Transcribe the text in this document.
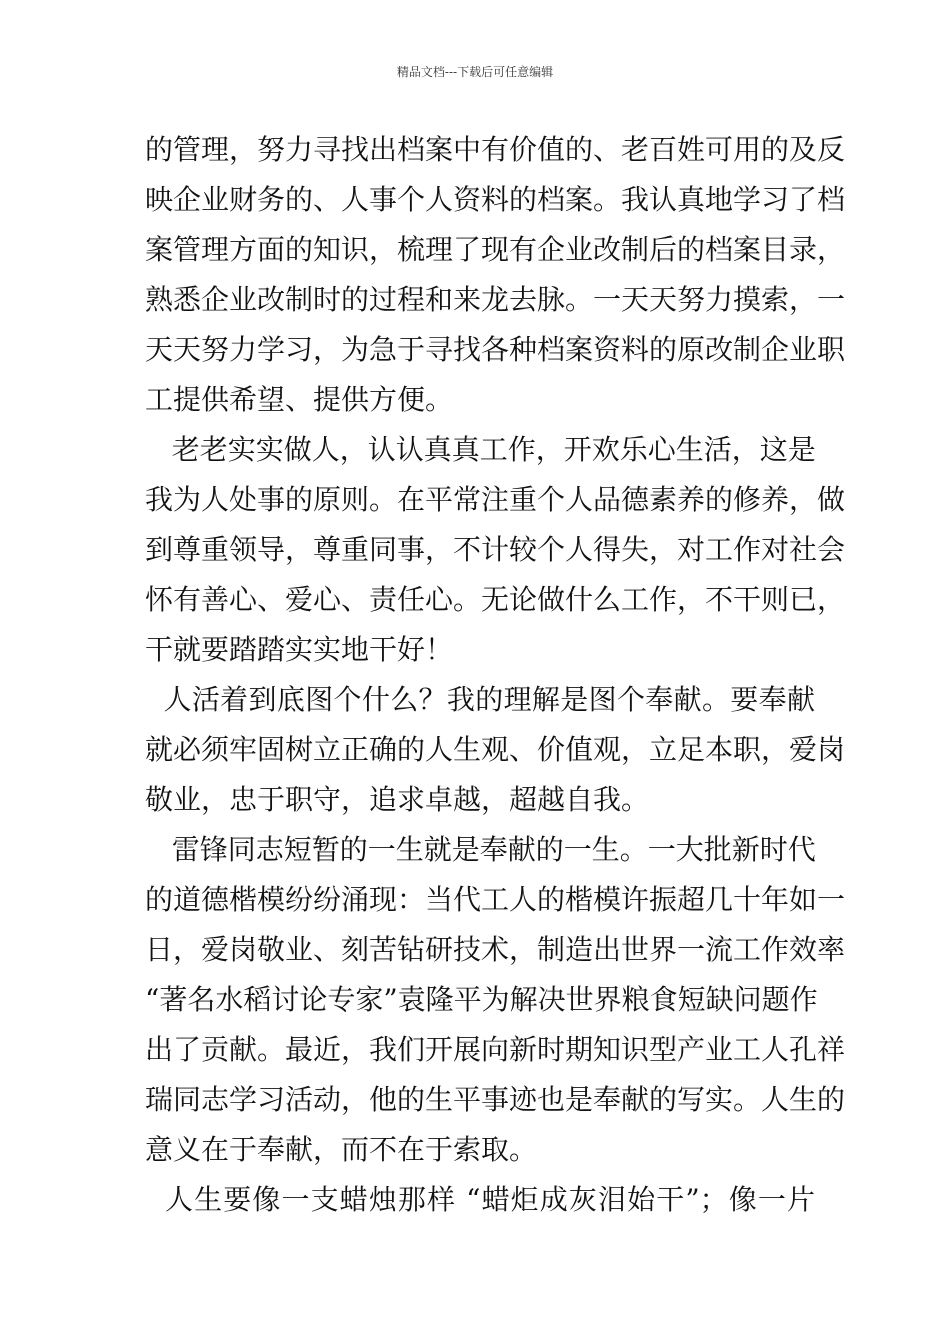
精品文档---下载后可任意编辑
的管理，努力寻找出档案中有价值的、老百姓可用的及反
映企业财务的、人事个人资料的档案。我认真地学习了档
案管理方面的知识，梳理了现有企业改制后的档案目录，
熟悉企业改制时的过程和来龙去脉。一天天努力摸索，一
天天努力学习，为急于寻找各种档案资料的原改制企业职
工提供希望、提供方便。
老老实实做人，认认真真工作，开欢乐心生活，这是
我为人处事的原则。在平常注重个人品德素养的修养，做
到尊重领导，尊重同事，不计较个人得失，对工作对社会
怀有善心、爱心、责任心。无论做什么工作，不干则已，
干就要踏踏实实地干好！
人活着到底图个什么？我的理解是图个奉献。要奉献
就必须牢固树立正确的人生观、价值观，立足本职，爱岗
敬业，忠于职守，追求卓越，超越自我。
雷锋同志短暂的一生就是奉献的一生。一大批新时代
的道德楷模纷纷涌现：当代工人的楷模许振超几十年如一
日，爱岗敬业、刻苦钻研技术，制造出世界一流工作效率
“著名水稻讨论专家”袁隆平为解决世界粮食短缺问题作
出了贡献。最近，我们开展向新时期知识型产业工人孔祥
瑞同志学习活动，他的生平事迹也是奉献的写实。人生的
意义在于奉献，而不在于索取。
人生要像一支蜡烛那样 “蜡炬成灰泪始干”；像一片
